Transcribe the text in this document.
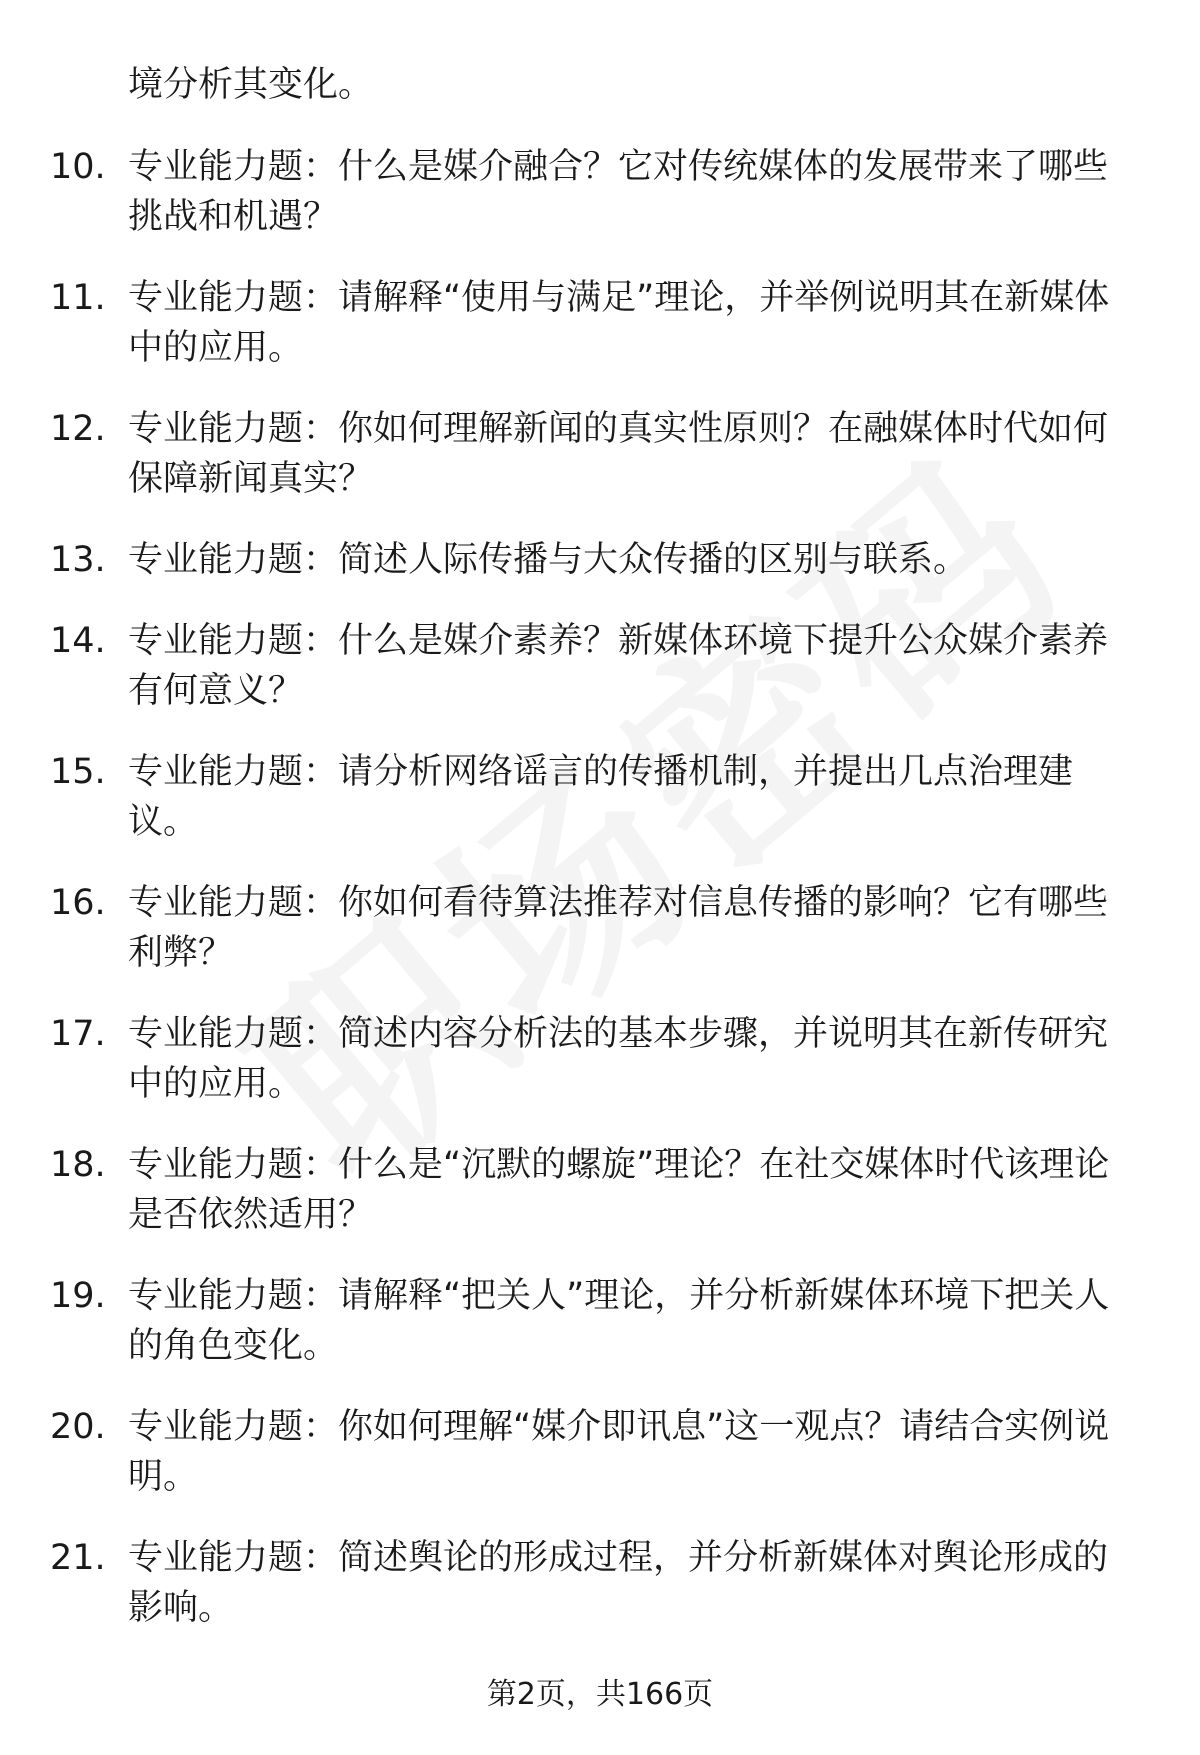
境分析其变化。
10. 专业能力题：什么是媒介融合？它对传统媒体的发展带来了哪些挑战和机遇？
11. 专业能力题：请解释“使用与满足”理论，并举例说明其在新媒体中的应用。
12. 专业能力题：你如何理解新闻的真实性原则？在融媒体时代如何保障新闻真实？
13. 专业能力题：简述人际传播与大众传播的区别与联系。
14. 专业能力题：什么是媒介素养？新媒体环境下提升公众媒介素养有何意义？
15. 专业能力题：请分析网络谣言的传播机制，并提出几点治理建议。
16. 专业能力题：你如何看待算法推荐对信息传播的影响？它有哪些利弊？
17. 专业能力题：简述内容分析法的基本步骤，并说明其在新传研究中的应用。
18. 专业能力题：什么是“沉默的螺旋”理论？在社交媒体时代该理论是否依然适用？
19. 专业能力题：请解释“把关人”理论，并分析新媒体环境下把关人的角色变化。
20. 专业能力题：你如何理解“媒介即讯息”这一观点？请结合实例说明。
21. 专业能力题：简述舆论的形成过程，并分析新媒体对舆论形成的影响。
第2页，共166页
